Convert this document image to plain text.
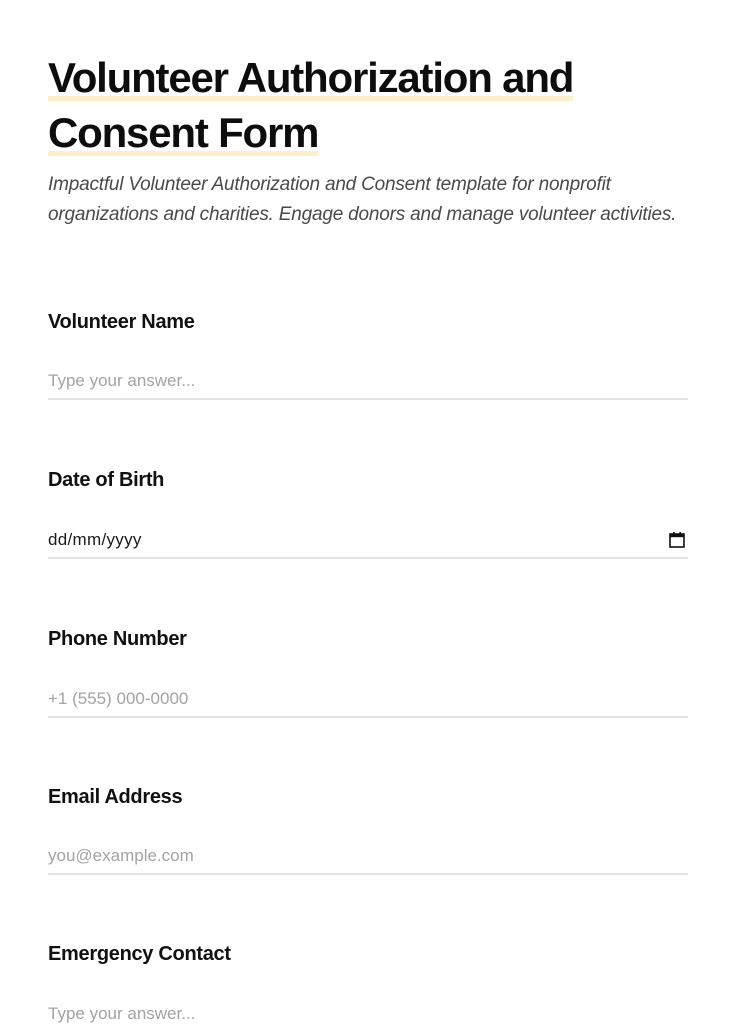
Volunteer Authorization and
Consent Form

Impactful Volunteer Authorization and Consent template for nonprofit organizations and charities. Engage donors and manage volunteer activities.

Volunteer Name
Type your answer...
Date of Birth
dd/mm/yyyy
Phone Number
+1 (555) 000-0000
Email Address
you@example.com
Emergency Contact
Type your answer...
